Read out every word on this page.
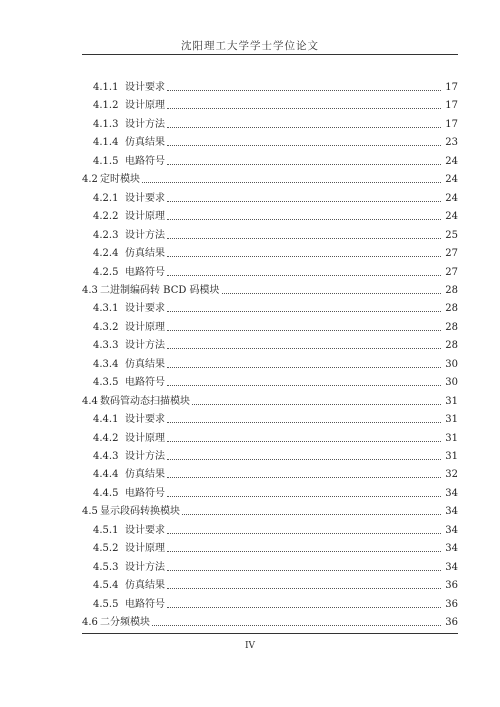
沈阳理工大学学士学位论文
4.1.1 设计要求	17
4.1.2 设计原理	17
4.1.3 设计方法	17
4.1.4 仿真结果	23
4.1.5 电路符号	24
4.2 定时模块	24
4.2.1 设计要求	24
4.2.2 设计原理	24
4.2.3 设计方法	25
4.2.4 仿真结果	27
4.2.5 电路符号	27
4.3 二进制编码转 BCD 码模块	28
4.3.1 设计要求	28
4.3.2 设计原理	28
4.3.3 设计方法	28
4.3.4 仿真结果	30
4.3.5 电路符号	30
4.4 数码管动态扫描模块	31
4.4.1 设计要求	31
4.4.2 设计原理	31
4.4.3 设计方法	31
4.4.4 仿真结果	32
4.4.5 电路符号	34
4.5 显示段码转换模块	34
4.5.1 设计要求	34
4.5.2 设计原理	34
4.5.3 设计方法	34
4.5.4 仿真结果	36
4.5.5 电路符号	36
4.6 二分频模块	36
IV
